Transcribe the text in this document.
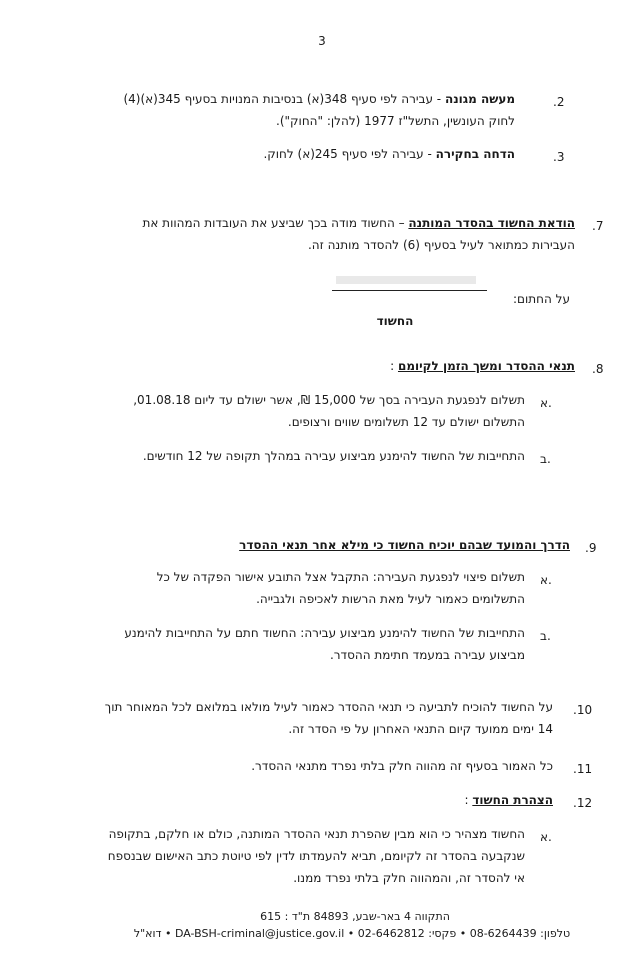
3
.2
מעשה מגונה - עבירה לפי סעיף 348(א) בנסיבות המנויות בסעיף 345(א)(4) לחוק העונשין, התשל"ז 1977 (להלן: "החוק").
.3
הדחה בחקירה - עבירה לפי סעיף 245(א) לחוק.
.7
הודאת החשוד בהסדר המותנה – החשוד מודה בכך שביצע את העובדות המהוות את העבירות כמתואר לעיל בסעיף (6) להסדר מותנה זה.
על החתום:
החשוד
.8
תנאי ההסדר ומשך הזמן לקיומם :
א.
תשלום לנפגעת העבירה בסך של 15,000 ₪, אשר ישולם עד ליום 01.08.18, התשלום ישולם עד 12 תשלומים שווים ורצופים.
ב.
התחייבות של החשוד להימנע מביצוע עבירה במהלך תקופה של 12 חודשים.
.9
הדרך והמועד שבהם יוכיח החשוד כי מילא אחר תנאי ההסדר
א.
תשלום פיצוי לנפגעת העבירה: התקבל אצל התובע אישור הפקדה של כל התשלומים כאמור לעיל מאת הרשות לאכיפה ולגבייה.
ב.
התחייבות של החשוד להימנע מביצוע עבירה: החשוד חתם על התחייבות להימנע מביצוע עבירה במעמד חתימת ההסדר.
.10
על החשוד להוכיח לתביעה כי תנאי ההסדר כאמור לעיל מולאו במלואם לכל המאוחר תוך 14 ימים ממועד קיום התנאי האחרון על פי הסדר זה.
.11
כל האמור בסעיף זה מהווה חלק בלתי נפרד מתנאי ההסדר.
.12
הצהרת החשוד :
א.
החשוד מצהיר כי הוא מבין שהפרת תנאי ההסדר המותנה, כולם או חלקם, בתקופה שנקבעה בהסדר זה לקיומם, תביא להעמדתו לדין לפי טיוטת כתב האישום שבנספח אי להסדר זה, והמהווה חלק בלתי נפרד ממנו.
התקווה 4 באר-שבע, 84893 ת"ד : 615
דוא"ל • DA-BSH-criminal@justice.gov.il • טלפון: 08-6264439 • פקסי: 02-6462812
